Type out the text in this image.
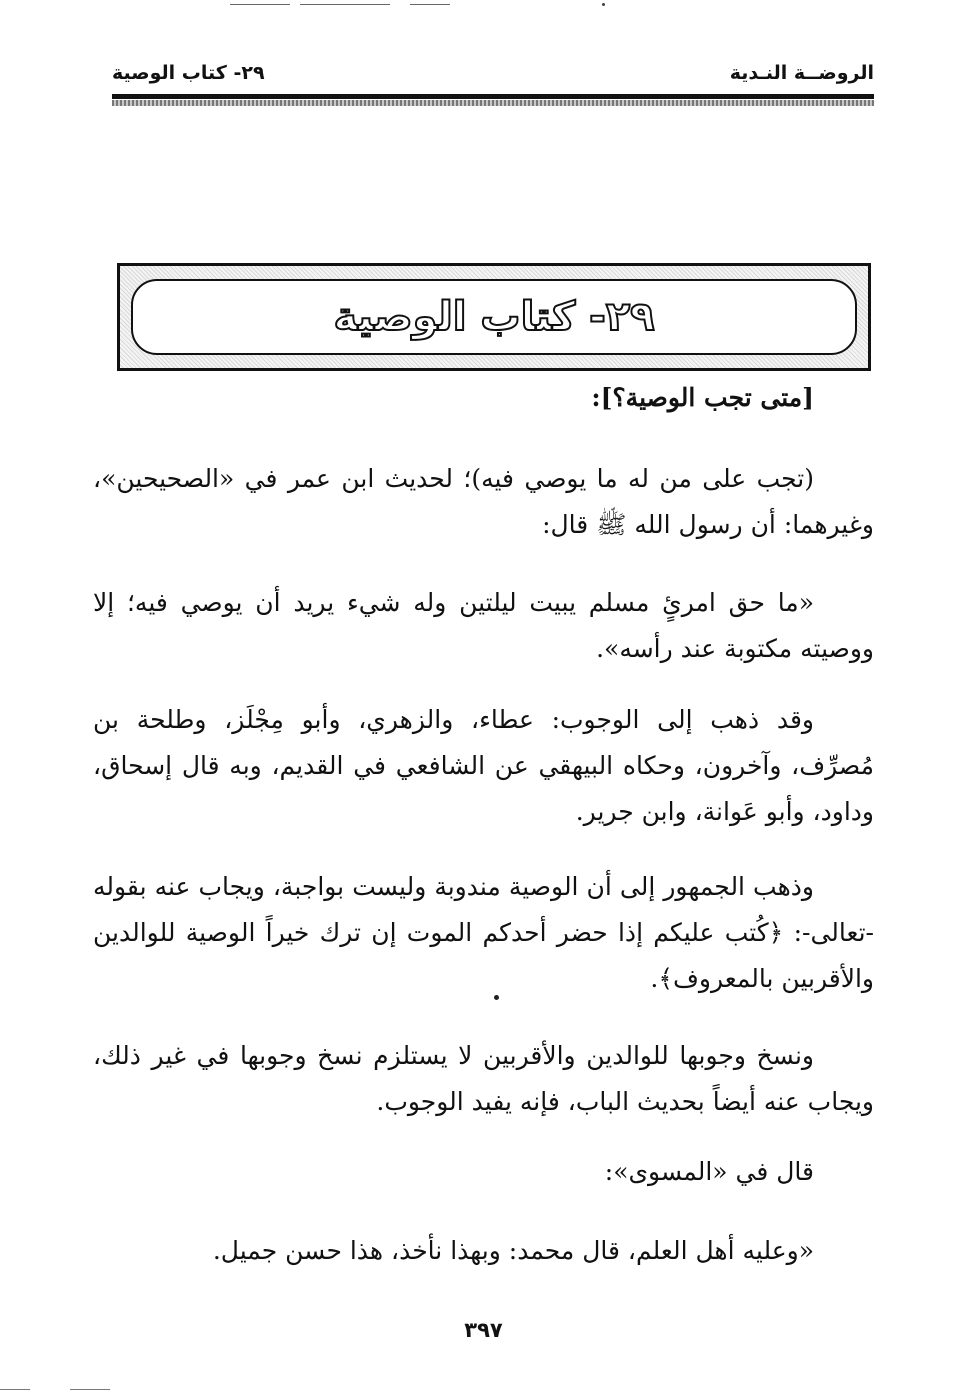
الروضــة النـدية
٢٩- كتاب الوصية
٢٩- كتاب الوصية
[متى تجب الوصية؟]:
(تجب على من له ما يوصي فيه)؛ لحديث ابن عمر في «الصحيحين»،
وغيرهما: أن رسول الله ﷺ قال:
«ما حق امرئٍ مسلم يبيت ليلتين وله شيء يريد أن يوصي فيه؛ إلا
ووصيته مكتوبة عند رأسه».
وقد ذهب إلى الوجوب: عطاء، والزهري، وأبو مِجْلَز، وطلحة بن
مُصرِّف، وآخرون، وحكاه البيهقي عن الشافعي في القديم، وبه قال إسحاق،
وداود، وأبو عَوانة، وابن جرير.
وذهب الجمهور إلى أن الوصية مندوبة وليست بواجبة، ويجاب عنه بقوله
-تعالى-: ﴿كُتب عليكم إذا حضر أحدكم الموت إن ترك خيراً الوصية للوالدين
والأقربين بالمعروف﴾.
ونسخ وجوبها للوالدين والأقربين لا يستلزم نسخ وجوبها في غير ذلك،
ويجاب عنه أيضاً بحديث الباب، فإنه يفيد الوجوب.
قال في «المسوى»:
«وعليه أهل العلم، قال محمد: وبهذا نأخذ، هذا حسن جميل.
٣٩٧
